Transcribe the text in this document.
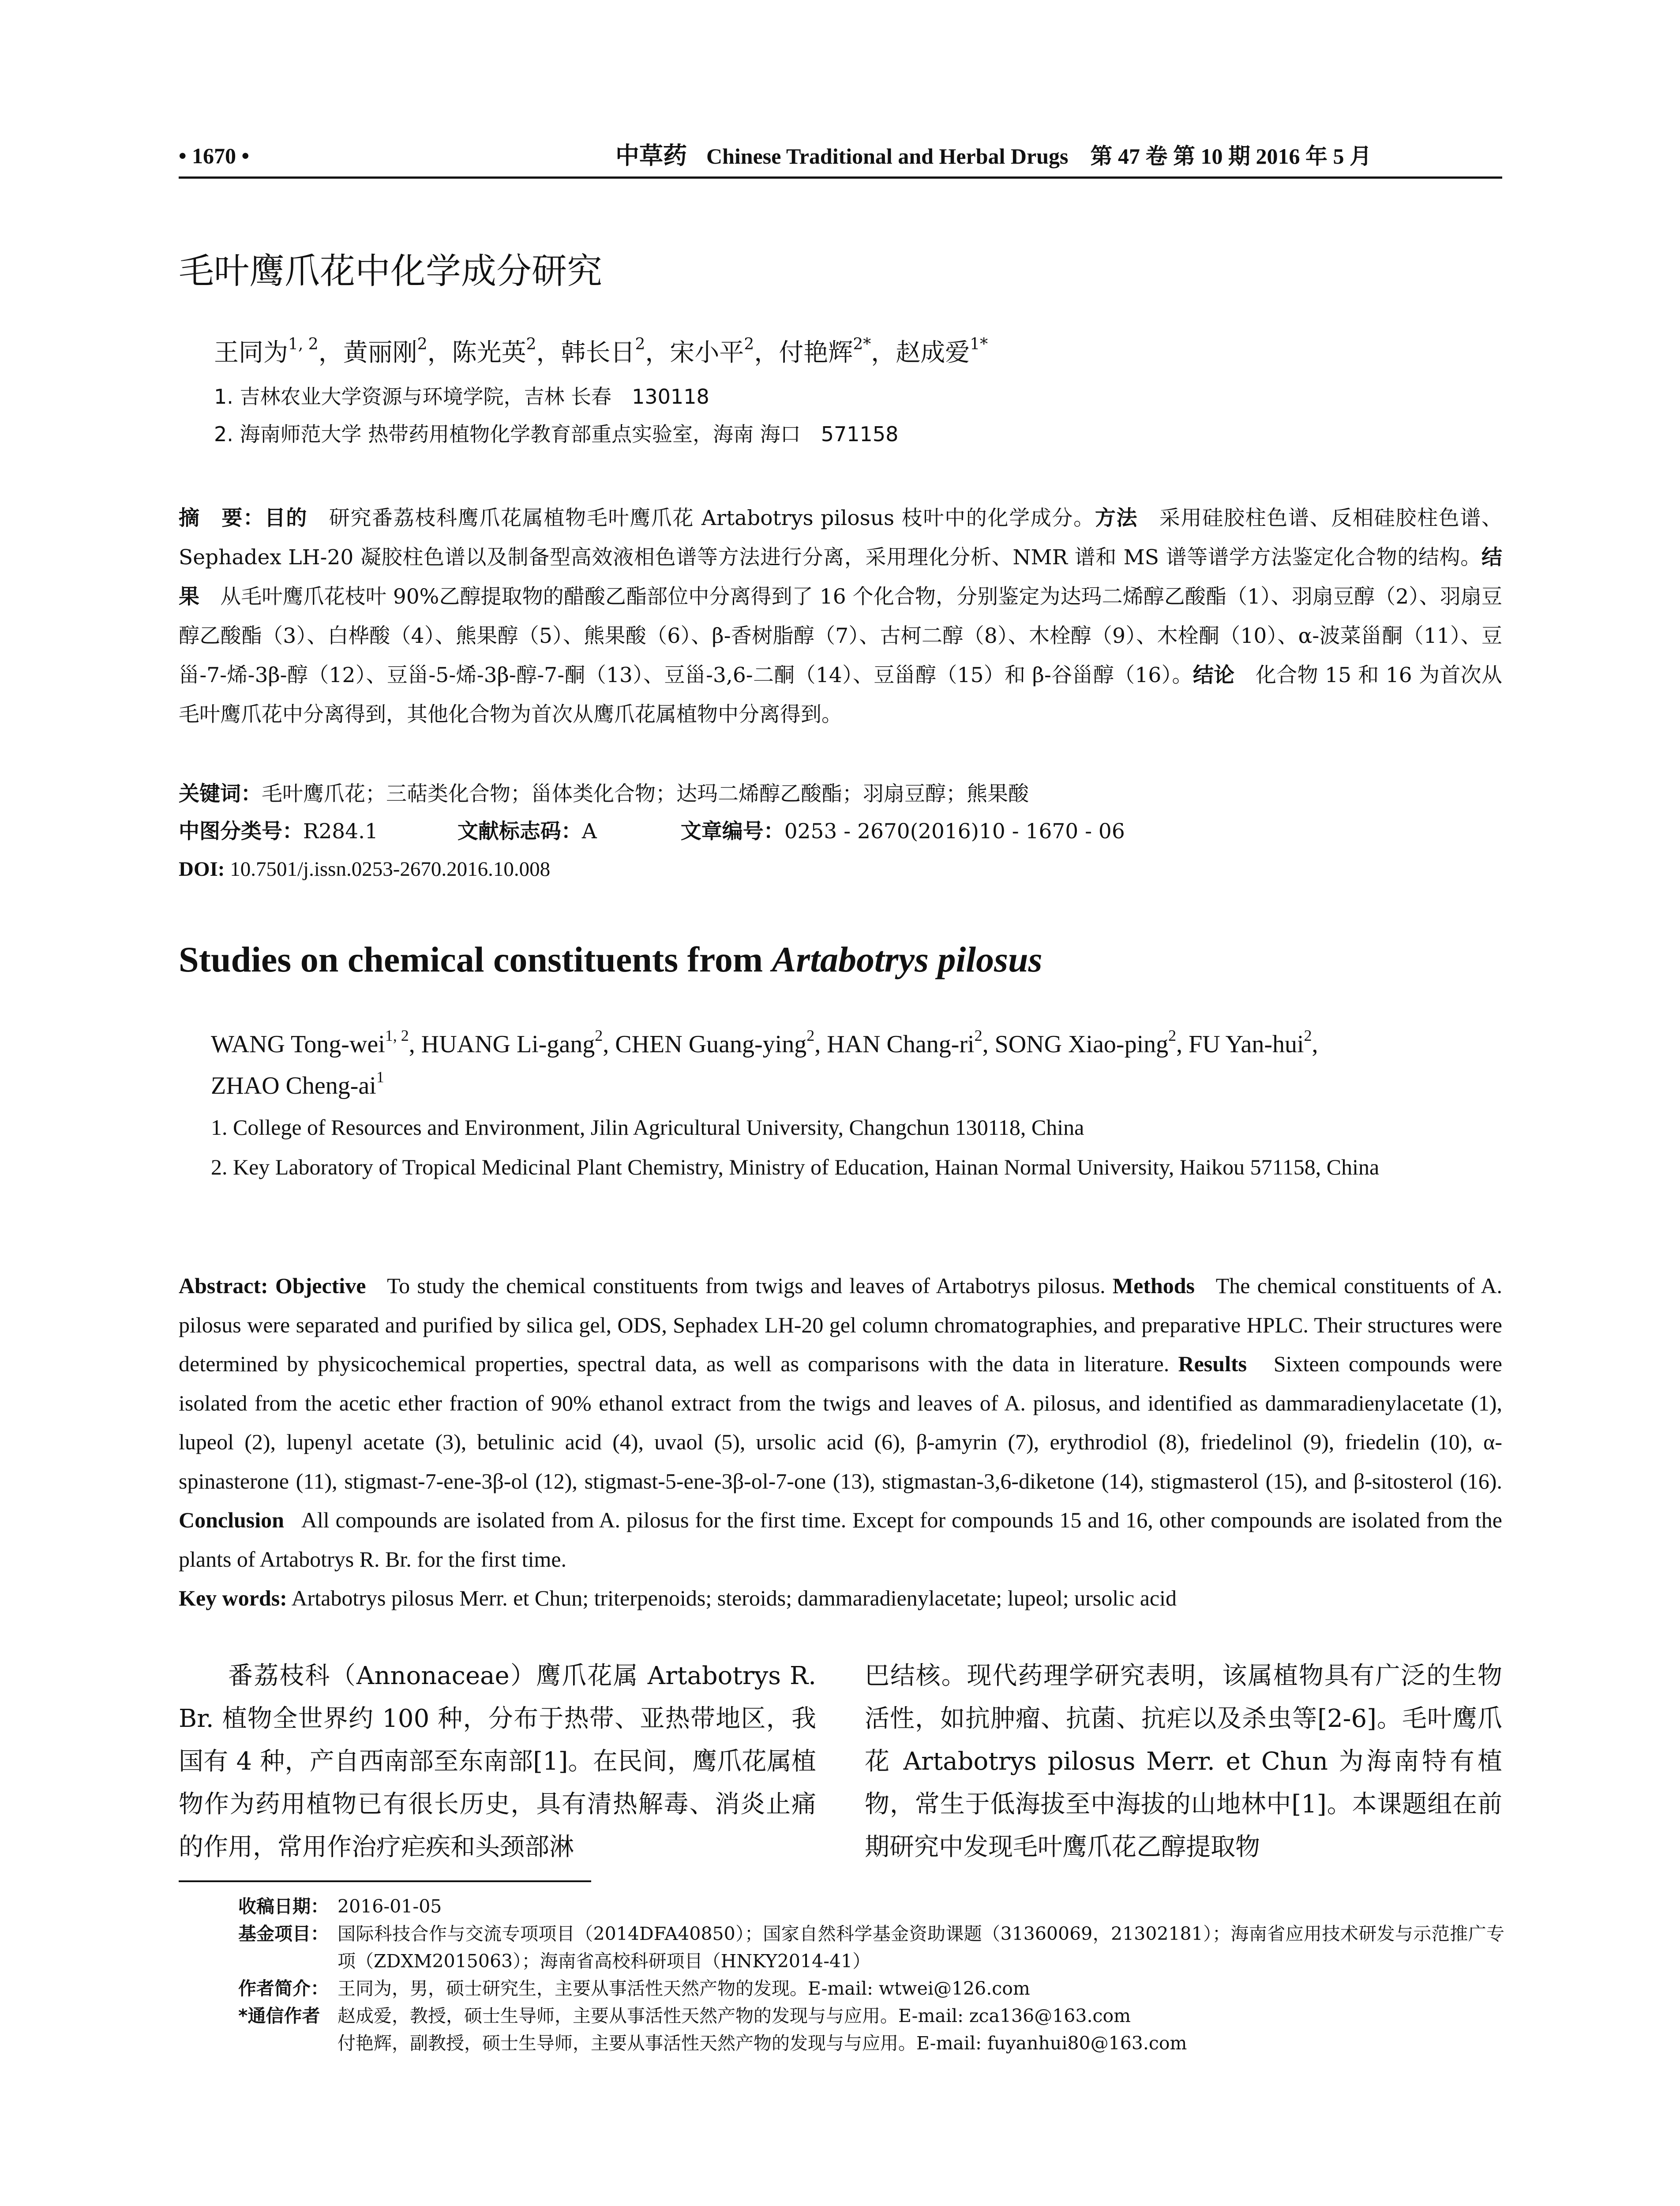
• 1670 •	中草药 Chinese Traditional and Herbal Drugs　第 47 卷 第 10 期 2016 年 5 月
毛叶鹰爪花中化学成分研究
王同为$^{1, 2}$，黄丽刚$^2$，陈光英$^2$，韩长日$^2$，宋小平$^2$，付艳辉$^{2*}$，赵成爱$^{1*}$
1. 吉林农业大学资源与环境学院，吉林 长春　130118
2. 海南师范大学 热带药用植物化学教育部重点实验室，海南 海口　571158
摘　要：目的　 研究番荔枝科鹰爪花属植物毛叶鹰爪花 Artabotrys pilosus 枝叶中的化学成分。方法　 采用硅胶柱色谱、反相硅胶柱色谱、Sephadex LH-20 凝胶柱色谱以及制备型高效液相色谱等方法进行分离，采用理化分析、NMR 谱和 MS 谱等谱学方法鉴定化合物的结构。结果　 从毛叶鹰爪花枝叶 90%乙醇提取物的醋酸乙酯部位中分离得到了 16 个化合物，分别鉴定为达玛二烯醇乙酸酯（1）、羽扇豆醇（2）、羽扇豆醇乙酸酯（3）、白桦酸（4）、熊果醇（5）、熊果酸（6）、β-香树脂醇（7）、古柯二醇（8）、木栓醇（9）、木栓酮（10）、α-波菜甾酮（11）、豆甾-7-烯-3β-醇（12）、豆甾-5-烯-3β-醇-7-酮（13）、豆甾-3,6-二酮（14）、豆甾醇（15）和 β-谷甾醇（16）。结论　 化合物 15 和 16 为首次从毛叶鹰爪花中分离得到，其他化合物为首次从鹰爪花属植物中分离得到。
关键词：毛叶鹰爪花；三萜类化合物；甾体类化合物；达玛二烯醇乙酸酯；羽扇豆醇；熊果酸
中图分类号：R284.1	文献标志码：A	文章编号：0253 - 2670(2016)10 - 1670 - 06
DOI: 10.7501/j.issn.0253-2670.2016.10.008
Studies on chemical constituents from Artabotrys pilosus
WANG Tong-wei$^{1, 2}$, HUANG Li-gang$^2$, CHEN Guang-ying$^2$, HAN Chang-$ri^2$, SONG Xiao-ping$^2$, FU Yan-hui$^2$,
ZHAO Cheng-$ai^1$
1. College of Resources and Environment, Jilin Agricultural University, Changchun 130118, China
2. Key Laboratory of Tropical Medicinal Plant Chemistry, Ministry of Education, Hainan Normal University, Haikou 571158, China
Abstract: Objective To study the chemical constituents from twigs and leaves of Artabotrys pilosus. Methods The chemical constituents of A. pilosus were separated and purified by silica gel, ODS, Sephadex LH-20 gel column chromatographies, and preparative HPLC. Their structures were determined by physicochemical properties, spectral data, as well as comparisons with the data in literature. Results Sixteen compounds were isolated from the acetic ether fraction of 90% ethanol extract from the twigs and leaves of A. pilosus, and identified as dammaradienylacetate (1), lupeol (2), lupenyl acetate (3), betulinic acid (4), uvaol (5), ursolic acid (6), β-amyrin (7), erythrodiol (8), friedelinol (9), friedelin (10), α-spinasterone (11), stigmast-7-ene-3β-ol (12), stigmast-5-ene-3β-ol-7-one (13), stigmastan-3,6-diketone (14), stigmasterol (15), and β-sitosterol (16). Conclusion All compounds are isolated from A. pilosus for the first time. Except for compounds 15 and 16, other compounds are isolated from the plants of Artabotrys R. Br. for the first time.
Key words: Artabotrys pilosus Merr. et Chun; triterpenoids; steroids; dammaradienylacetate; lupeol; ursolic acid
番荔枝科（Annonaceae）鹰爪花属 Artabotrys R. Br. 植物全世界约 100 种，分布于热带、亚热带地区，我国有 4 种，产自西南部至东南部[1]。在民间，鹰爪花属植物作为药用植物已有很长历史，具有清热解毒、消炎止痛的作用，常用作治疗疟疾和头颈部淋
巴结核。现代药理学研究表明，该属植物具有广泛的生物活性，如抗肿瘤、抗菌、抗疟以及杀虫等[2-6]。毛叶鹰爪花 Artabotrys pilosus Merr. et Chun 为海南特有植物，常生于低海拔至中海拔的山地林中[1]。本课题组在前期研究中发现毛叶鹰爪花乙醇提取物
收稿日期： 2016-01-05
基金项目： 国际科技合作与交流专项项目（2014DFA40850）；国家自然科学基金资助课题（31360069，21302181）；海南省应用技术研发与示范推广专项（ZDXM2015063）；海南省高校科研项目（HNKY2014-41）
作者简介： 王同为，男，硕士研究生，主要从事活性天然产物的发现。E-mail: wtwei@126.com
*通信作者 赵成爱，教授，硕士生导师，主要从事活性天然产物的发现与与应用。E-mail: zca136@163.com
付艳辉，副教授，硕士生导师，主要从事活性天然产物的发现与与应用。E-mail: fuyanhui80@163.com
